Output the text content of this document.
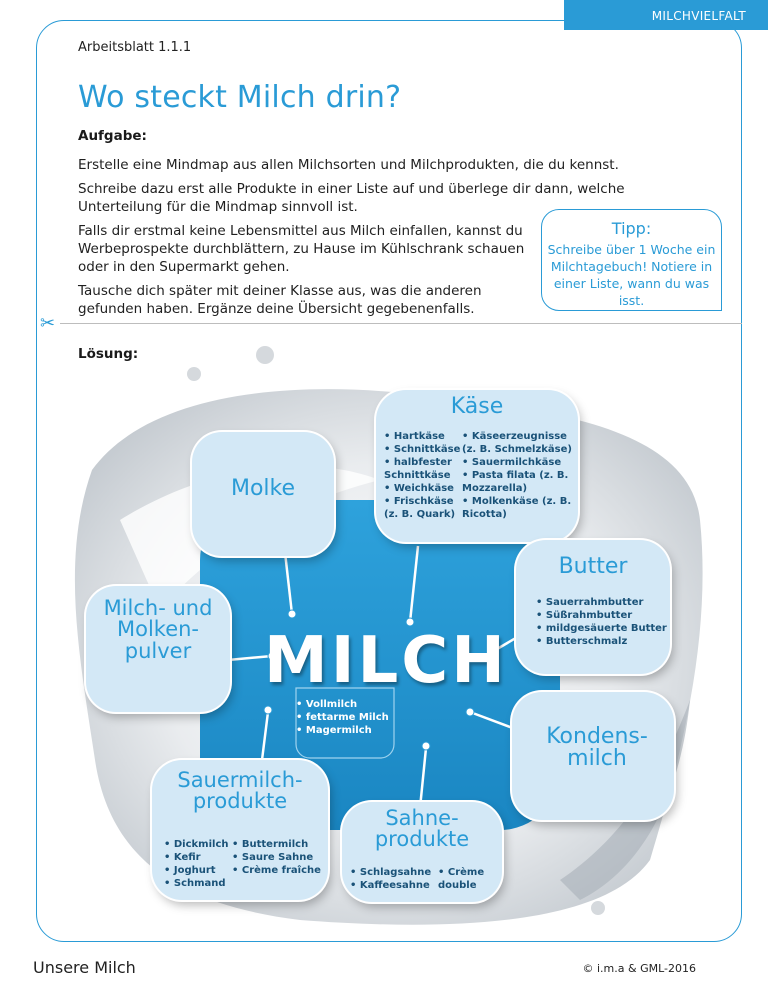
MILCHVIELFALT
Arbeitsblatt 1.1.1
Wo steckt Milch drin?
Aufgabe:

Erstelle eine Mindmap aus allen Milchsorten und Milchprodukten, die du kennst.

Schreibe dazu erst alle Produkte in einer Liste auf und überlege dir dann, welche Unterteilung für die Mindmap sinnvoll ist.

Falls dir erstmal keine Lebensmittel aus Milch einfallen, kannst du Werbeprospekte durchblättern, zu Hause im Kühlschrank schauen oder in den Supermarkt gehen.

Tausche dich später mit deiner Klasse aus, was die anderen gefunden haben. Ergänze deine Übersicht gegebenenfalls.

Tipp:
Schreibe über 1 Woche ein Milchtagebuch! Notiere in einer Liste, wann du was isst.
✂
Lösung:
MILCH
• Vollmilch
• fettarme Milch
• Magermilch
Käse
• Hartkäse
• Schnittkäse
• halbfester Schnittkäse
• Weichkäse
• Frischkäse (z. B. Quark)
• Käseerzeugnisse (z. B. Schmelzkäse)
• Sauermilchkäse
• Pasta filata (z. B. Mozzarella)
• Molkenkäse (z. B. Ricotta)
Molke
Butter
• Sauerrahmbutter
• Süßrahmbutter
• mildgesäuerte Butter
• Butterschmalz
Milch- und Molken- pulver
Kondens- milch
Sauermilch- produkte
• Dickmilch
• Kefir
• Joghurt
• Schmand
• Buttermilch
• Saure Sahne
• Crème fraîche
Sahne- produkte
• Schlagsahne
• Kaffeesahne
• Crème double
Unsere Milch	© i.m.a & GML-2016
